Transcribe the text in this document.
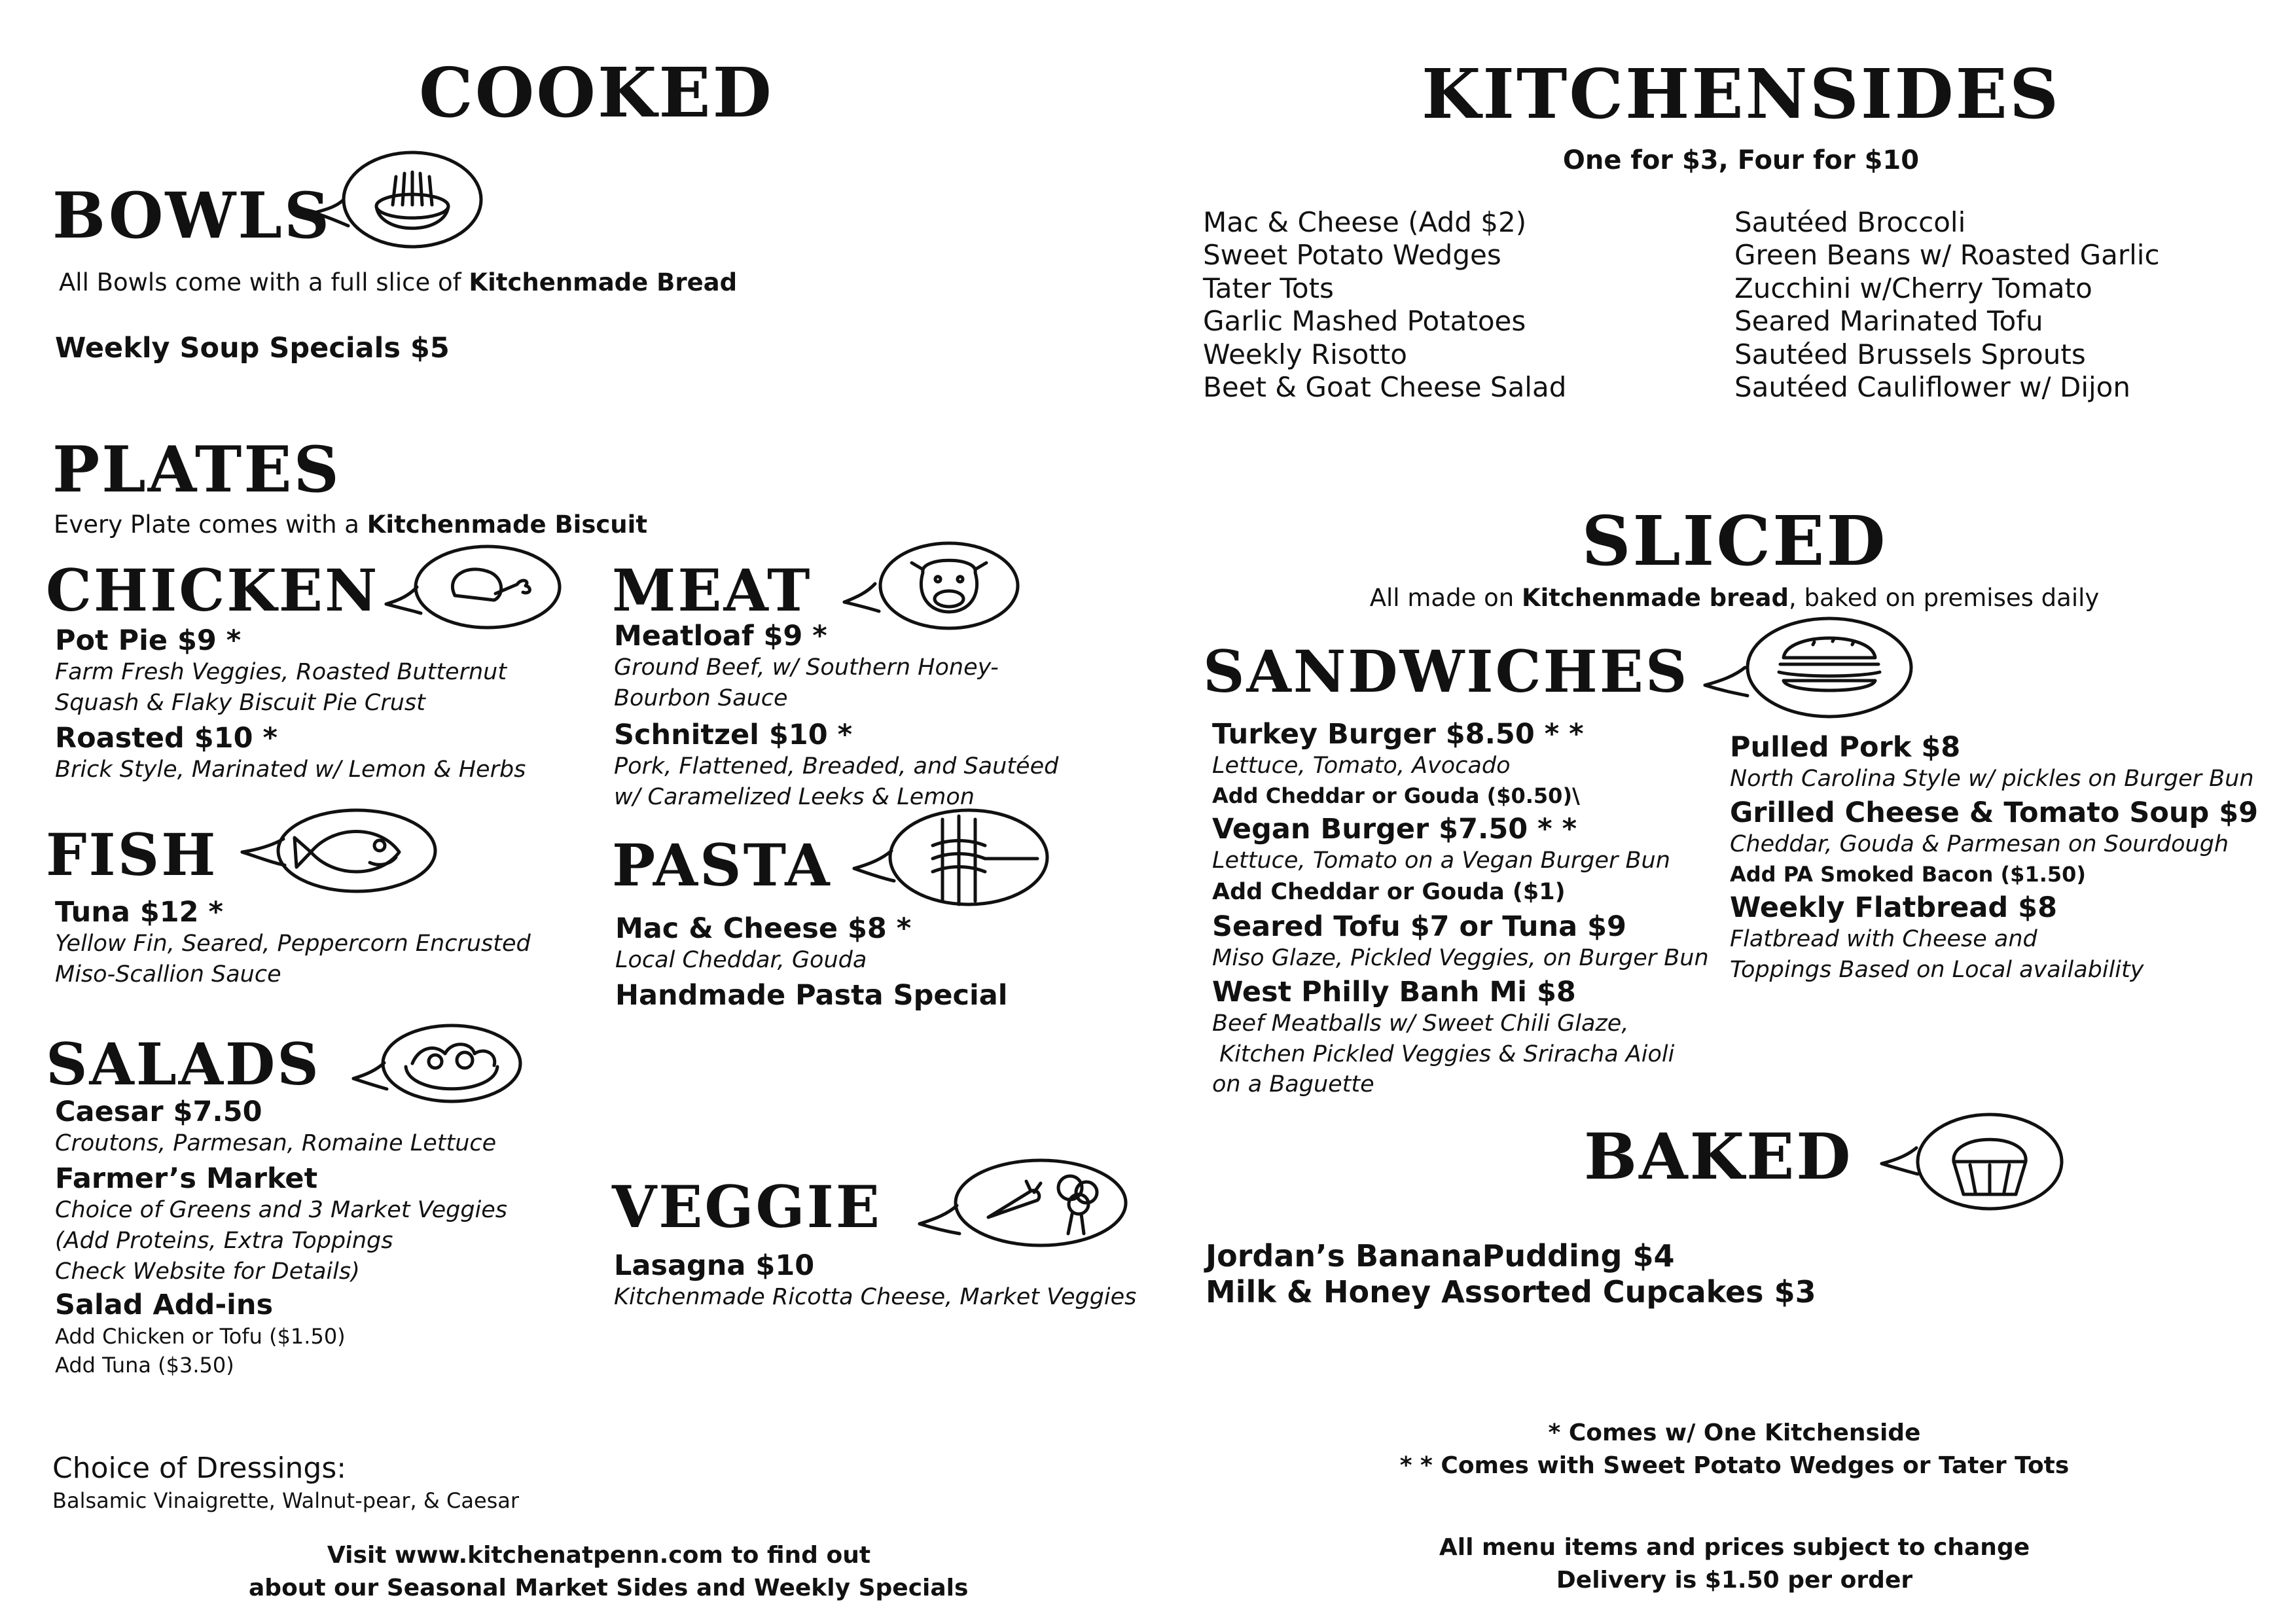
COOKED
BOWLS
All Bowls come with a full slice of Kitchenmade Bread
Weekly Soup Specials $5
PLATES
Every Plate comes with a Kitchenmade Biscuit
CHICKEN
Pot Pie $9 *
Farm Fresh Veggies, Roasted Butternut
Squash & Flaky Biscuit Pie Crust
Roasted $10 *
Brick Style, Marinated w/ Lemon & Herbs
MEAT
Meatloaf $9 *
Ground Beef, w/ Southern Honey-
Bourbon Sauce
Schnitzel $10 *
Pork, Flattened, Breaded, and Sautéed
w/ Caramelized Leeks & Lemon
FISH
Tuna $12 *
Yellow Fin, Seared, Peppercorn Encrusted
Miso-Scallion Sauce
PASTA
Mac & Cheese $8 *
Local Cheddar, Gouda
Handmade Pasta Special
SALADS
Caesar $7.50
Croutons, Parmesan, Romaine Lettuce
Farmer’s Market
Choice of Greens and 3 Market Veggies
(Add Proteins, Extra Toppings
Check Website for Details)
Salad Add-ins
Add Chicken or Tofu ($1.50)
Add Tuna ($3.50)
VEGGIE
Lasagna $10
Kitchenmade Ricotta Cheese, Market Veggies
Choice of Dressings:
Balsamic Vinaigrette, Walnut-pear, & Caesar
Visit www.kitchenatpenn.com to find out
about our Seasonal Market Sides and Weekly Specials
KITCHENSIDES
One for $3, Four for $10
Mac & Cheese (Add $2)
Sweet Potato Wedges
Tater Tots
Garlic Mashed Potatoes
Weekly Risotto
Beet & Goat Cheese Salad
Sautéed Broccoli
Green Beans w/ Roasted Garlic
Zucchini w/Cherry Tomato
Seared Marinated Tofu
Sautéed Brussels Sprouts
Sautéed Cauliflower w/ Dijon
SLICED
All made on Kitchenmade bread, baked on premises daily
SANDWICHES
Turkey Burger $8.50 * *
Lettuce, Tomato, Avocado
Add Cheddar or Gouda ($0.50)\
Vegan Burger $7.50 * *
Lettuce, Tomato on a Vegan Burger Bun
Add Cheddar or Gouda ($1)
Seared Tofu $7 or Tuna $9
Miso Glaze, Pickled Veggies, on Burger Bun
West Philly Banh Mi $8
Beef Meatballs w/ Sweet Chili Glaze,
Kitchen Pickled Veggies & Sriracha Aioli
on a Baguette
Pulled Pork $8
North Carolina Style w/ pickles on Burger Bun
Grilled Cheese & Tomato Soup $9
Cheddar, Gouda & Parmesan on Sourdough
Add PA Smoked Bacon ($1.50)
Weekly Flatbread $8
Flatbread with Cheese and
Toppings Based on Local availability
BAKED
Jordan’s BananaPudding $4
Milk & Honey Assorted Cupcakes $3
* Comes w/ One Kitchenside
* * Comes with Sweet Potato Wedges or Tater Tots
All menu items and prices subject to change
Delivery is $1.50 per order
